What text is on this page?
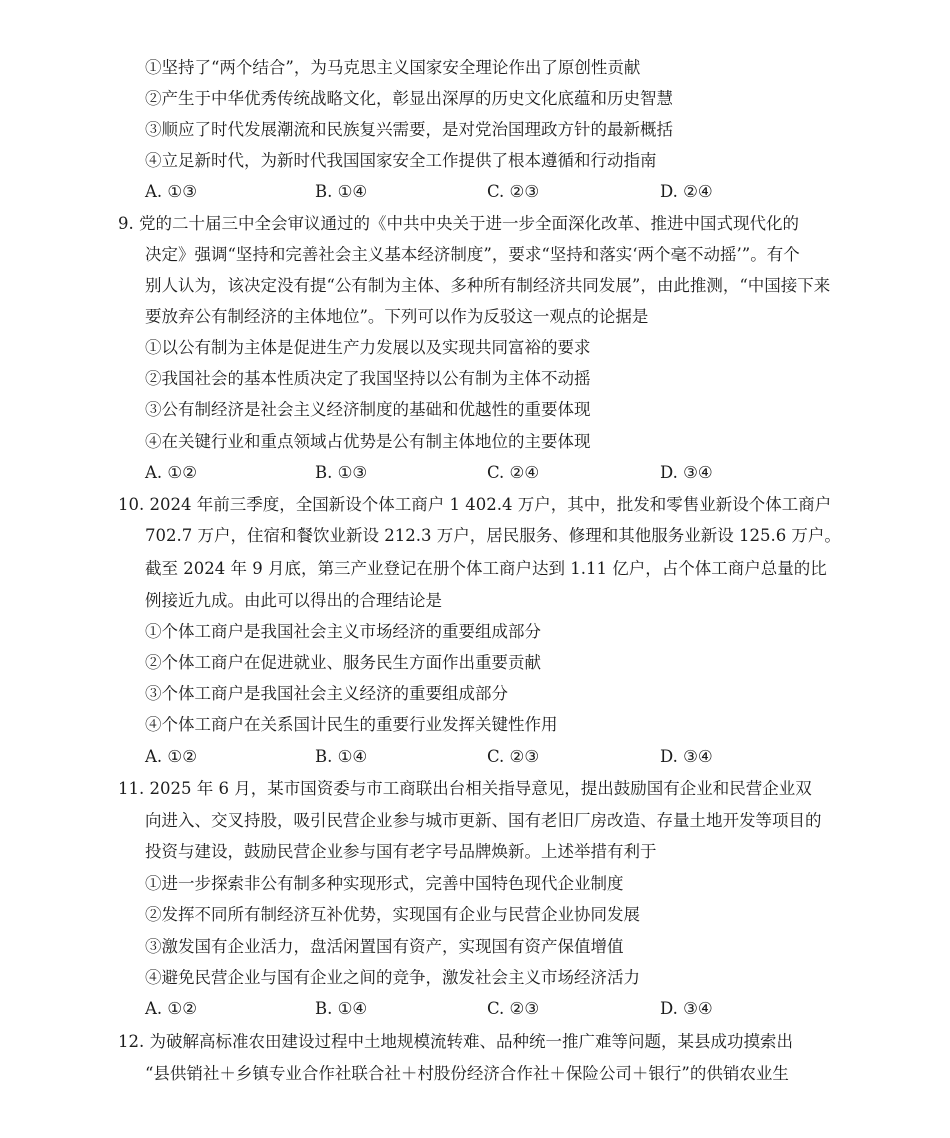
①坚持了“两个结合”，为马克思主义国家安全理论作出了原创性贡献
②产生于中华优秀传统战略文化，彰显出深厚的历史文化底蕴和历史智慧
③顺应了时代发展潮流和民族复兴需要，是对党治国理政方针的最新概括
④立足新时代，为新时代我国国家安全工作提供了根本遵循和行动指南
A. ①③	B. ①④	C. ②③	D. ②④
9. 党的二十届三中全会审议通过的《中共中央关于进一步全面深化改革、推进中国式现代化的
决定》强调“坚持和完善社会主义基本经济制度”，要求“坚持和落实‘两个毫不动摇’”。有个
别人认为，该决定没有提“公有制为主体、多种所有制经济共同发展”，由此推测，“中国接下来
要放弃公有制经济的主体地位”。下列可以作为反驳这一观点的论据是
①以公有制为主体是促进生产力发展以及实现共同富裕的要求
②我国社会的基本性质决定了我国坚持以公有制为主体不动摇
③公有制经济是社会主义经济制度的基础和优越性的重要体现
④在关键行业和重点领域占优势是公有制主体地位的主要体现
A. ①②	B. ①③	C. ②④	D. ③④
10. 2024 年前三季度，全国新设个体工商户 1 402.4 万户，其中，批发和零售业新设个体工商户
702.7 万户，住宿和餐饮业新设 212.3 万户，居民服务、修理和其他服务业新设 125.6 万户。
截至 2024 年 9 月底，第三产业登记在册个体工商户达到 1.11 亿户，占个体工商户总量的比
例接近九成。由此可以得出的合理结论是
①个体工商户是我国社会主义市场经济的重要组成部分
②个体工商户在促进就业、服务民生方面作出重要贡献
③个体工商户是我国社会主义经济的重要组成部分
④个体工商户在关系国计民生的重要行业发挥关键性作用
A. ①②	B. ①④	C. ②③	D. ③④
11. 2025 年 6 月，某市国资委与市工商联出台相关指导意见，提出鼓励国有企业和民营企业双
向进入、交叉持股，吸引民营企业参与城市更新、国有老旧厂房改造、存量土地开发等项目的
投资与建设，鼓励民营企业参与国有老字号品牌焕新。上述举措有利于
①进一步探索非公有制多种实现形式，完善中国特色现代企业制度
②发挥不同所有制经济互补优势，实现国有企业与民营企业协同发展
③激发国有企业活力，盘活闲置国有资产，实现国有资产保值增值
④避免民营企业与国有企业之间的竞争，激发社会主义市场经济活力
A. ①②	B. ①④	C. ②③	D. ③④
12. 为破解高标准农田建设过程中土地规模流转难、品种统一推广难等问题，某县成功摸索出
“县供销社＋乡镇专业合作社联合社＋村股份经济合作社＋保险公司＋银行”的供销农业生
